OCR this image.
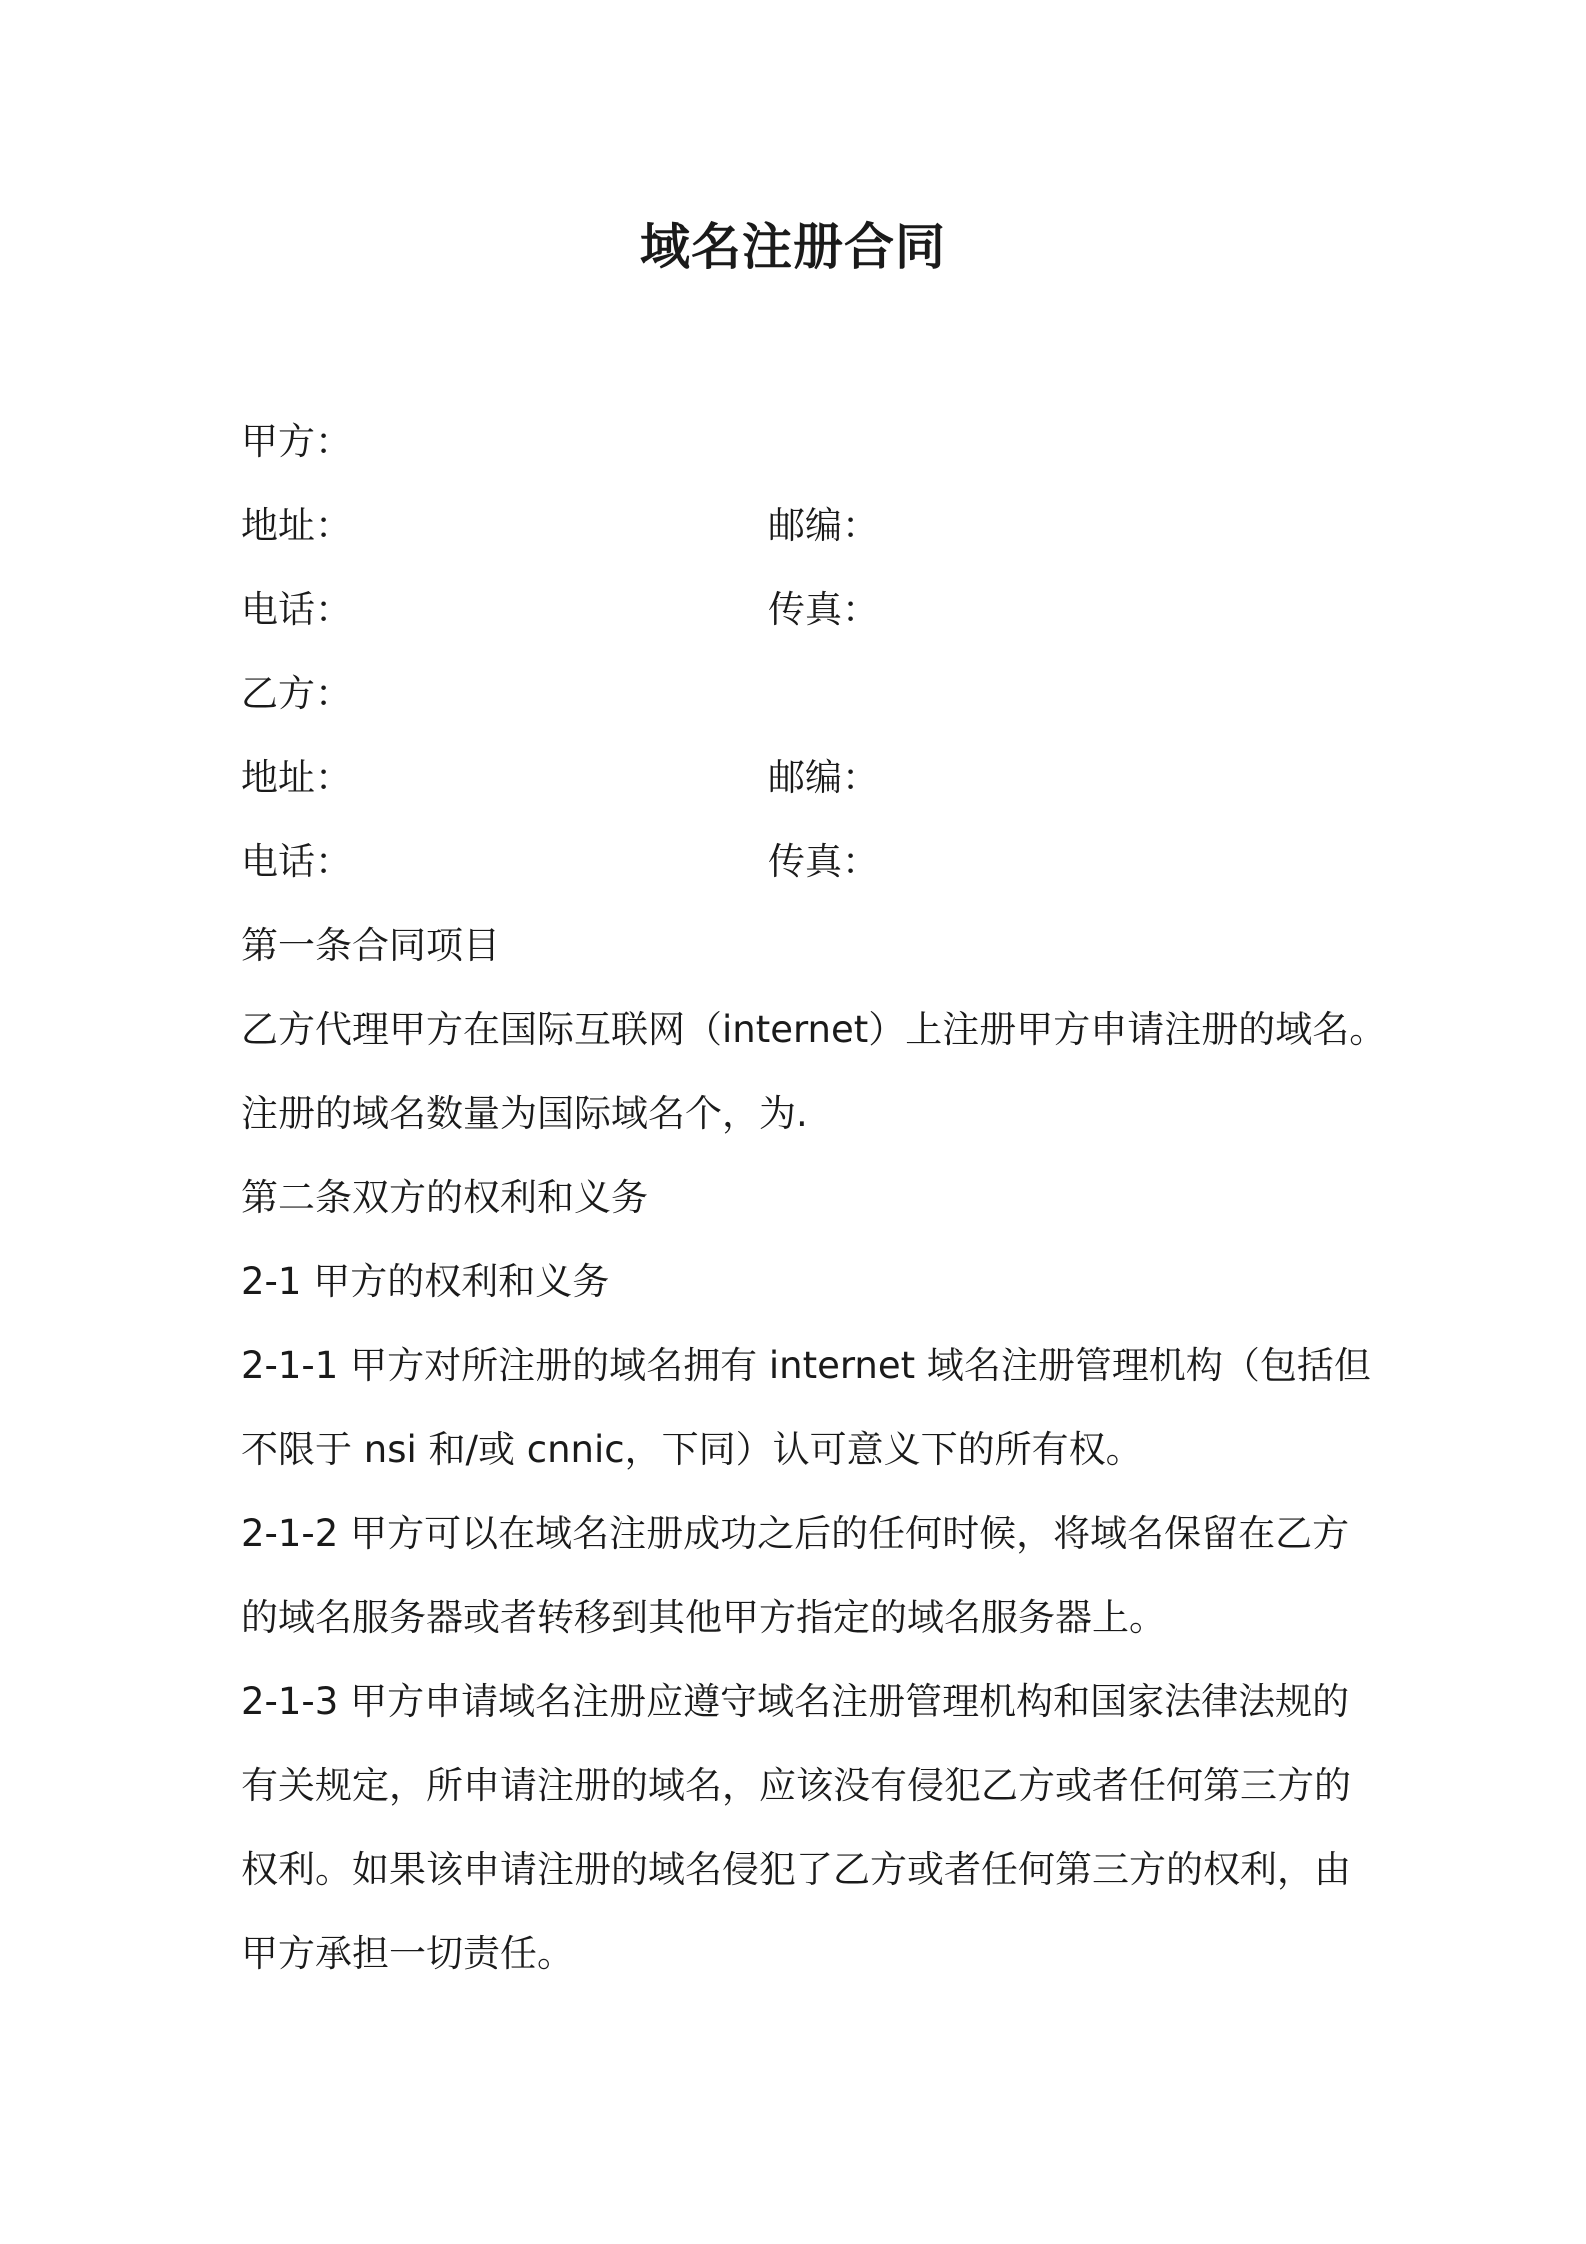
域名注册合同
甲方：
地址：	邮编：
电话：	传真：
乙方：
地址：	邮编：
电话：	传真：
第一条合同项目
乙方代理甲方在国际互联网（internet）上注册甲方申请注册的域名。
注册的域名数量为国际域名个，为.
第二条双方的权利和义务
2-1 甲方的权利和义务
2-1-1 甲方对所注册的域名拥有 internet 域名注册管理机构（包括但
不限于 nsi 和/或 cnnic，下同）认可意义下的所有权。
2-1-2 甲方可以在域名注册成功之后的任何时候，将域名保留在乙方
的域名服务器或者转移到其他甲方指定的域名服务器上。
2-1-3 甲方申请域名注册应遵守域名注册管理机构和国家法律法规的
有关规定，所申请注册的域名，应该没有侵犯乙方或者任何第三方的
权利。如果该申请注册的域名侵犯了乙方或者任何第三方的权利，由
甲方承担一切责任。
